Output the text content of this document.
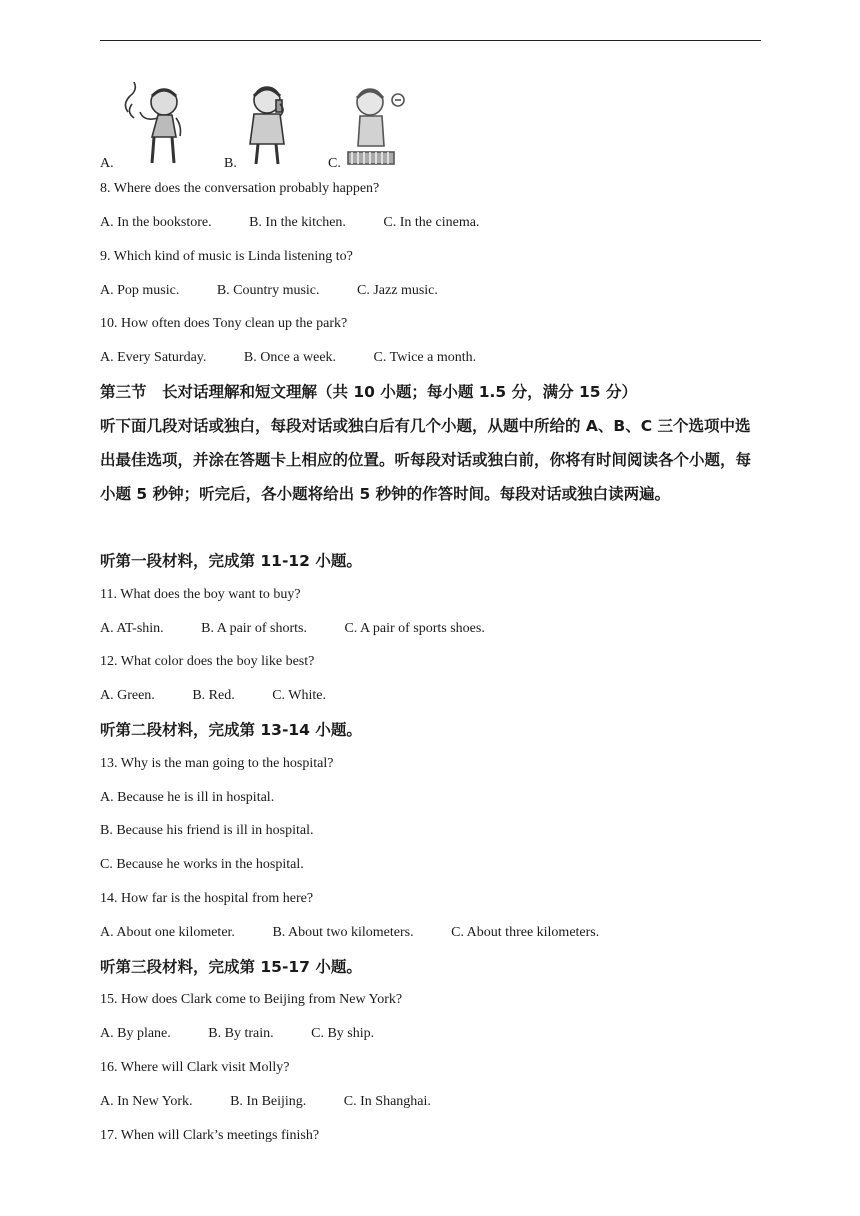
A.	B.	C.
8. Where does the conversation probably happen?
A. In the bookstore.	B. In the kitchen.	C. In the cinema.
9. Which kind of music is Linda listening to?
A. Pop music.	B. Country music.	C. Jazz music.
10. How often does Tony clean up the park?
A. Every Saturday.	B. Once a week.	C. Twice a month.
第三节　长对话理解和短文理解（共 10 小题；每小题 1.5 分，满分 15 分）
听下面几段对话或独白，每段对话或独白后有几个小题，从题中所给的 A、B、C 三个选项中选出最佳选项，并涂在答题卡上相应的位置。听每段对话或独白前，你将有时间阅读各个小题，每小题 5 秒钟；听完后，各小题将给出 5 秒钟的作答时间。每段对话或独白读两遍。
听第一段材料，完成第 11-12 小题。
11. What does the boy want to buy?
A. AT-shin.	B. A pair of shorts.	C. A pair of sports shoes.
12. What color does the boy like best?
A. Green.	B. Red.	C. White.
听第二段材料，完成第 13-14 小题。
13. Why is the man going to the hospital?
A. Because he is ill in hospital.
B. Because his friend is ill in hospital.
C. Because he works in the hospital.
14. How far is the hospital from here?
A. About one kilometer.	B. About two kilometers.	C. About three kilometers.
听第三段材料，完成第 15-17 小题。
15. How does Clark come to Beijing from New York?
A. By plane.	B. By train.	C. By ship.
16. Where will Clark visit Molly?
A. In New York.	B. In Beijing.	C. In Shanghai.
17. When will Clark’s meetings finish?
